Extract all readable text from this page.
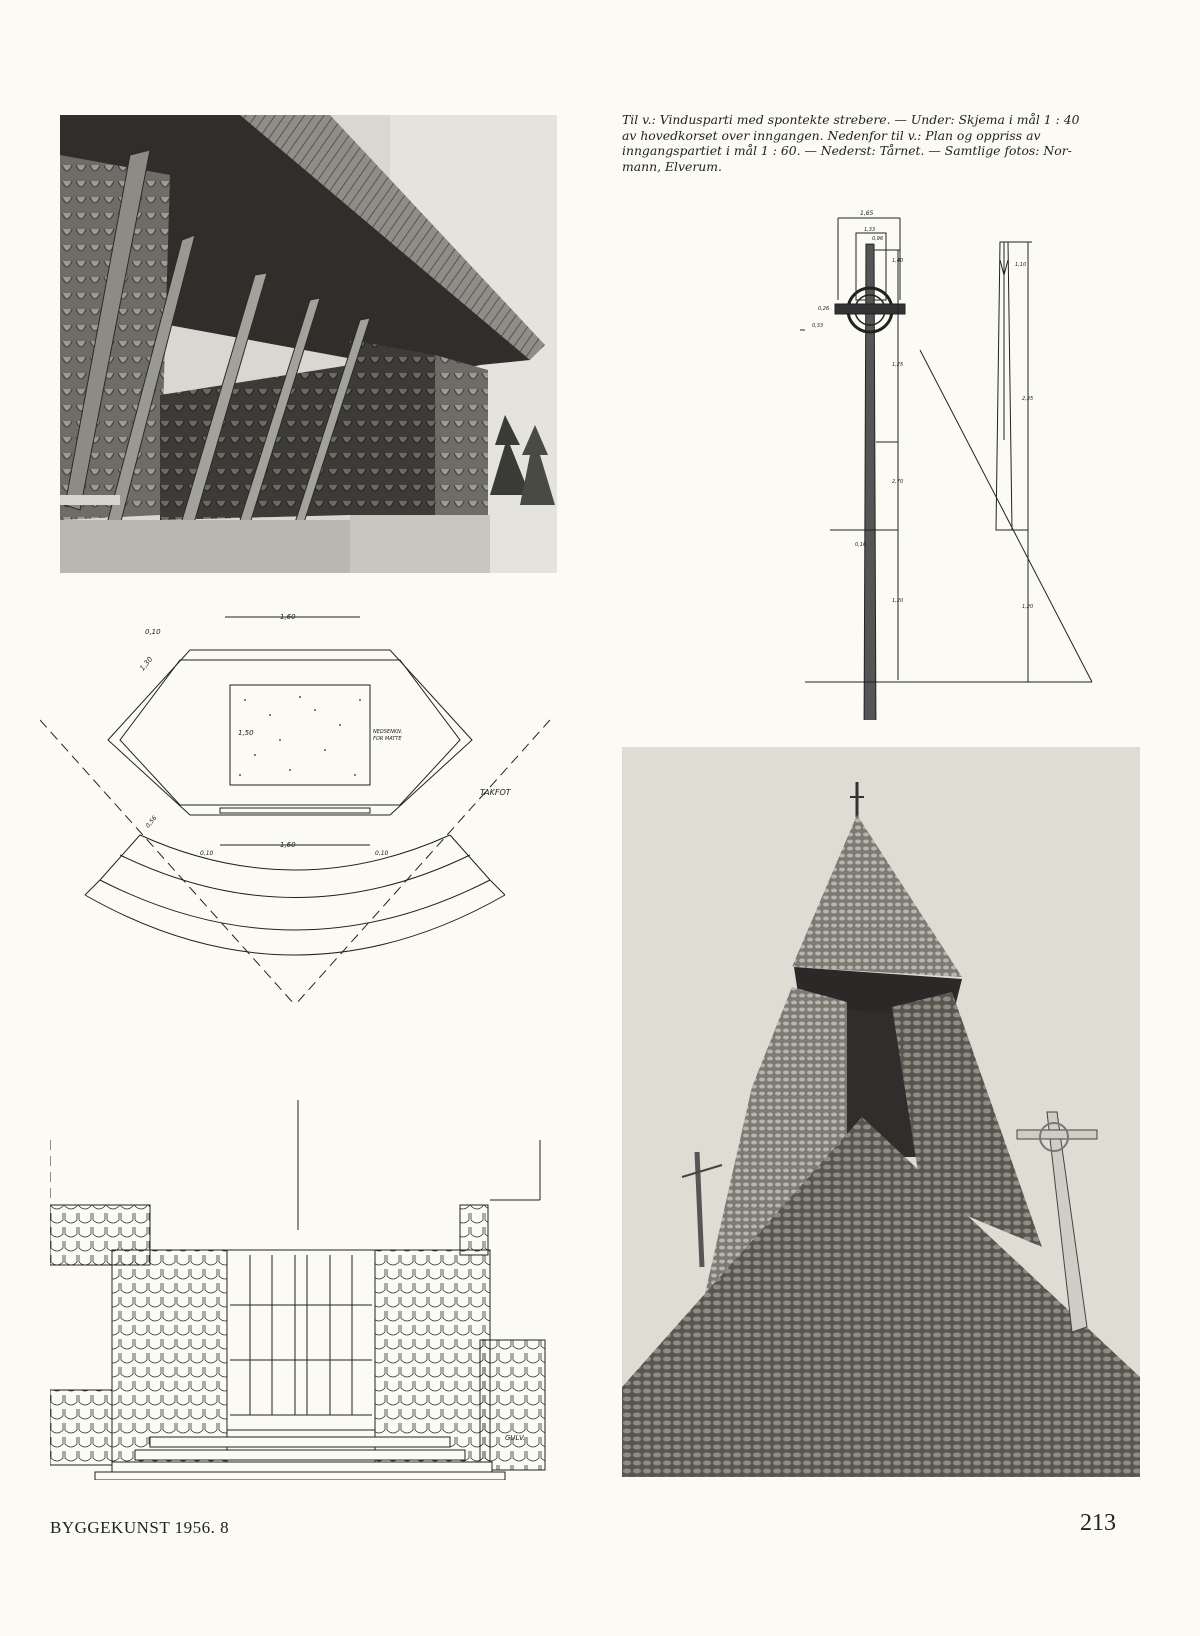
Til v.: Vindusparti med spontekte strebere. — Under: Skjema i mål 1 : 40
av hovedkorset over inngangen. Nedenfor til v.: Plan og oppriss av
inngangspartiet i mål 1 : 60. — Nederst: Tårnet. — Samtlige fotos: Nor-
mann, Elverum.
1,65
1,33
0,96
0,26
0,33
1,40
1,25
2,70
0,16
1,20
1,10
2,35
1,20
NEDSENKN.
FOR MATTE
1,50
1,60
0,10
1,30
1,60
0,10	0,10
0,56
TAKFOT
GULV.
BYGGEKUNST 1956. 8	213
